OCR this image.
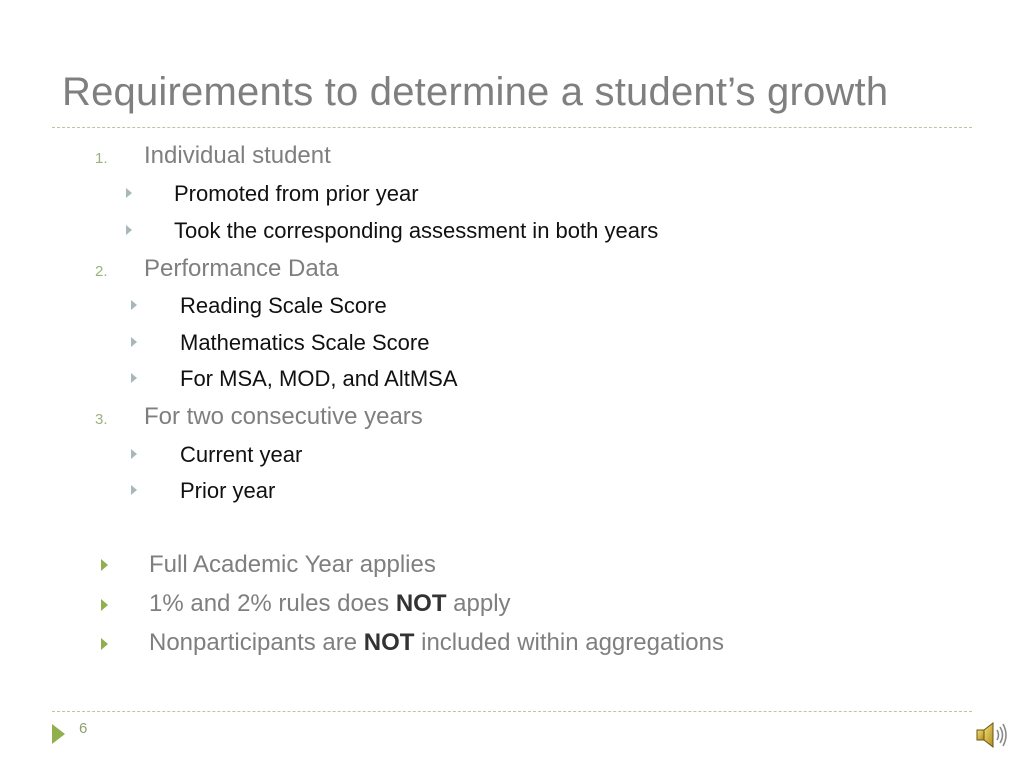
Requirements to determine a student’s growth
1. Individual student
Promoted from prior year
Took the corresponding assessment in both years
2. Performance Data
Reading Scale Score
Mathematics Scale Score
For MSA, MOD, and AltMSA
3. For two consecutive years
Current year
Prior year
Full Academic Year applies
1% and 2% rules does NOT apply
Nonparticipants are NOT included within aggregations
6
